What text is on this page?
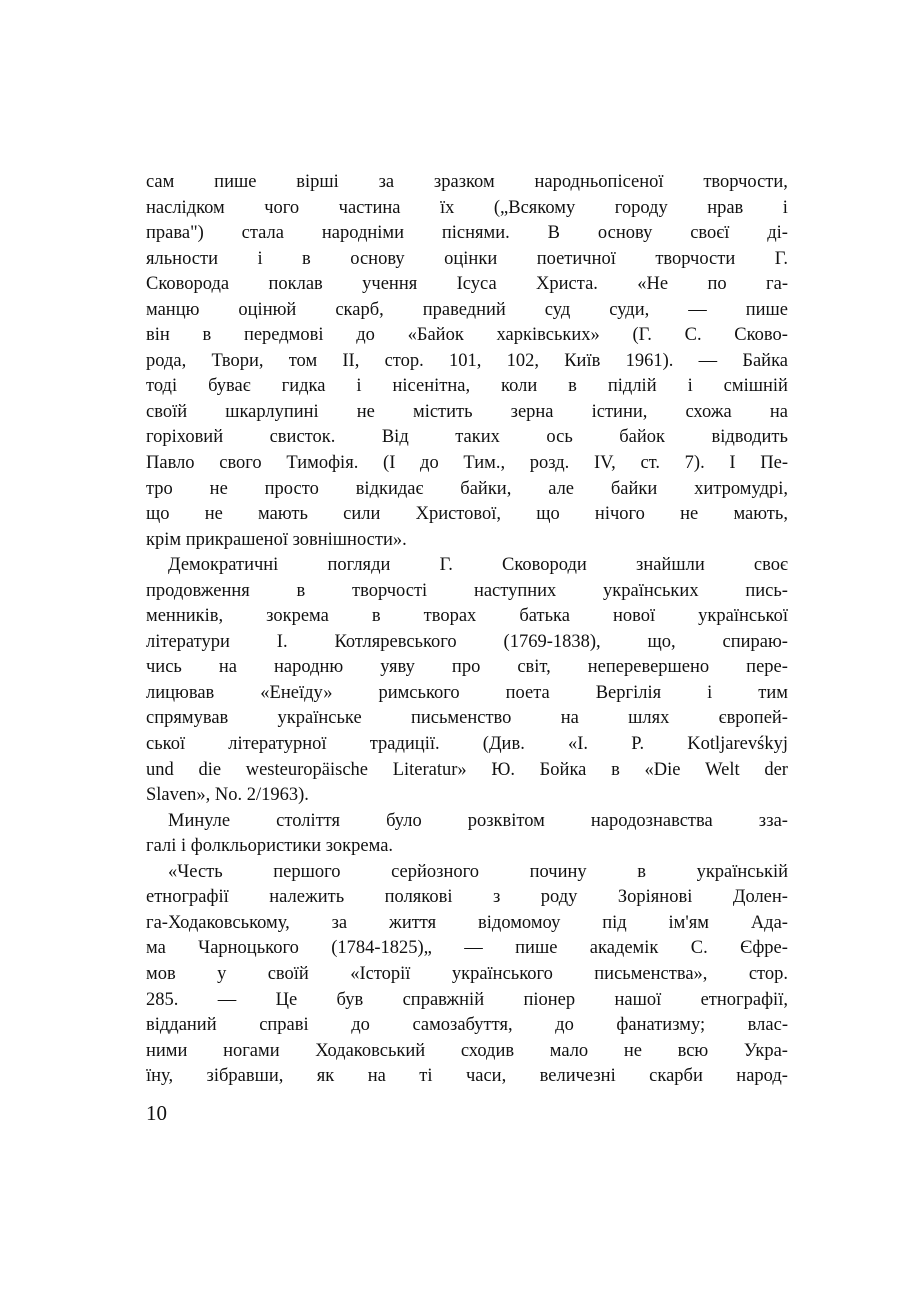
сам пише вірші за зразком народньопісеної творчости,
наслідком чого частина їх („Всякому городу нрав і
права") стала народніми піснями. В основу своєї ді-
яльности і в основу оцінки поетичної творчости Г.
Сковорода поклав учення Ісуса Христа. «Не по га-
манцю оцінюй скарб, праведний суд суди, — пише
він в передмові до «Байок харківських» (Г. С. Сково-
рода, Твори, том II, стор. 101, 102, Київ 1961). — Байка
тоді буває гидка і нісенітна, коли в підлій і смішній
своїй шкарлупині не містить зерна істини, схожа на
горіховий	свисток.	Від	таких	ось	байок	відводить
Павло свого Тимофія. (I до Тим., розд. IV, ст. 7). І Пе-
тро не просто відкидає байки, але байки хитромудрі,
що не мають сили Христової, що нічого не мають,
крім прикрашеної зовнішности».
Демократичні	погляди	Г.	Сковороди	знайшли	своє
продовження	в	творчості	наступних	українських	пись-
менників, зокрема в творах батька нової української
літератури	І.	Котляревського	(1769-1838),	що,	спираю-
чись на народню уяву про світ, неперевершено пере-
лицював «Енеїду» римського поета Вергілія і тим
спрямував	українське	письменство	на	шлях	європей-
ської літературної традиції. (Див. «I. P. Kotljarevśkyj
und die westeuropäische Literatur» Ю. Бойка в «Die Welt der
Slaven», No. 2/1963).
Минуле століття було розквітом народознавства зза-
галі і фолкльористики зокрема.
«Честь	першого	серйозного	почину	в	українській
етнографії належить полякові з роду Зоріянові Долен-
га-Ходаковському, за життя відомомоу під ім'ям Ада-
ма Чарноцького (1784-1825)„ — пише академік С. Єфре-
мов у своїй «Історії українського письменства», стор.
285. — Це був справжній піонер нашої етнографії,
відданий справі до самозабуття, до фанатизму; влас-
ними ногами Ходаковський сходив мало не всю Укра-
їну, зібравши, як на ті часи, величезні скарби народ-
10
